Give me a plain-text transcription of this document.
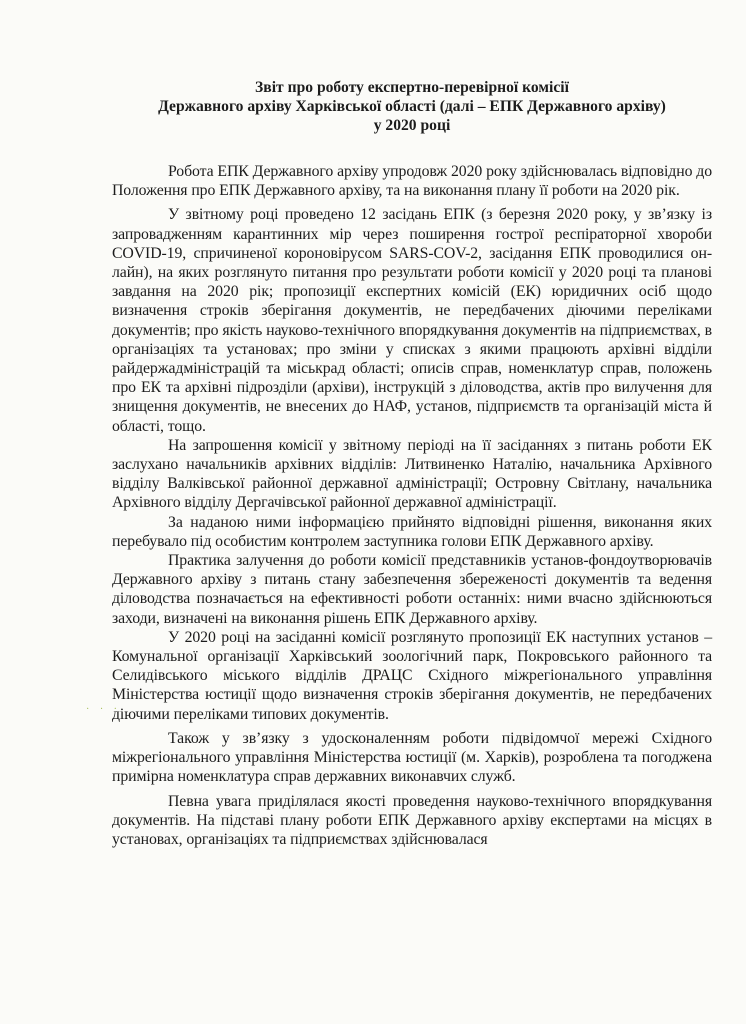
Звіт про роботу експертно-перевірної комісії
Державного архіву Харківської області (далі – ЕПК Державного архіву)
у 2020 році

Робота ЕПК Державного архіву упродовж 2020 року здійснювалась відповідно до Положення про ЕПК Державного архіву, та на виконання плану її роботи на 2020 рік.

У звітному році проведено 12 засідань ЕПК (з березня 2020 року, у зв’язку із запровадженням карантинних мір через поширення гострої респіраторної хвороби COVID-19, спричиненої короновірусом SARS-COV-2, засідання ЕПК проводилися он-лайн), на яких розглянуто питання про результати роботи комісії у 2020 році та планові завдання на 2020 рік; пропозиції експертних комісій (ЕК) юридичних осіб щодо визначення строків зберігання документів, не передбачених діючими переліками документів; про якість науково-технічного впорядкування документів на підприємствах, в організаціях та установах; про зміни у списках з якими працюють архівні відділи райдержадміністрацій та міськрад області; описів справ, номенклатур справ, положень про ЕК та архівні підрозділи (архіви), інструкцій з діловодства, актів про вилучення для знищення документів, не внесених до НАФ, установ, підприємств та організацій міста й області, тощо.

На запрошення комісії у звітному періоді на її засіданнях з питань роботи ЕК заслухано начальників архівних відділів: Литвиненко Наталію, начальника Архівного відділу Валківської районної державної адміністрації; Островну Світлану, начальника Архівного відділу Дергачівської районної державної адміністрації.

За наданою ними інформацією прийнято відповідні рішення, виконання яких перебувало під особистим контролем заступника голови ЕПК Державного архіву.

Практика залучення до роботи комісії представників установ-фондоутворювачів Державного архіву з питань стану забезпечення збереженості документів та ведення діловодства позначається на ефективності роботи останніх: ними вчасно здійснюються заходи, визначені на виконання рішень ЕПК Державного архіву.

У 2020 році на засіданні комісії розглянуто пропозиції ЕК наступних установ – Комунальної організації Харківський зоологічний парк, Покровського районного та Селидівського міського відділів ДРАЦС Східного міжрегіонального управління Міністерства юстиції щодо визначення строків зберігання документів, не передбачених діючими переліками типових документів.

Також у зв’язку з удосконаленням роботи підвідомчої мережі Східного міжрегіонального управління Міністерства юстиції (м. Харків), розроблена та погоджена примірна номенклатура справ державних виконавчих служб.

Певна увага приділялася якості проведення науково-технічного впорядкування документів. На підставі плану роботи ЕПК Державного архіву експертами на місцях в установах, організаціях та підприємствах здійснювалася

· · ·
